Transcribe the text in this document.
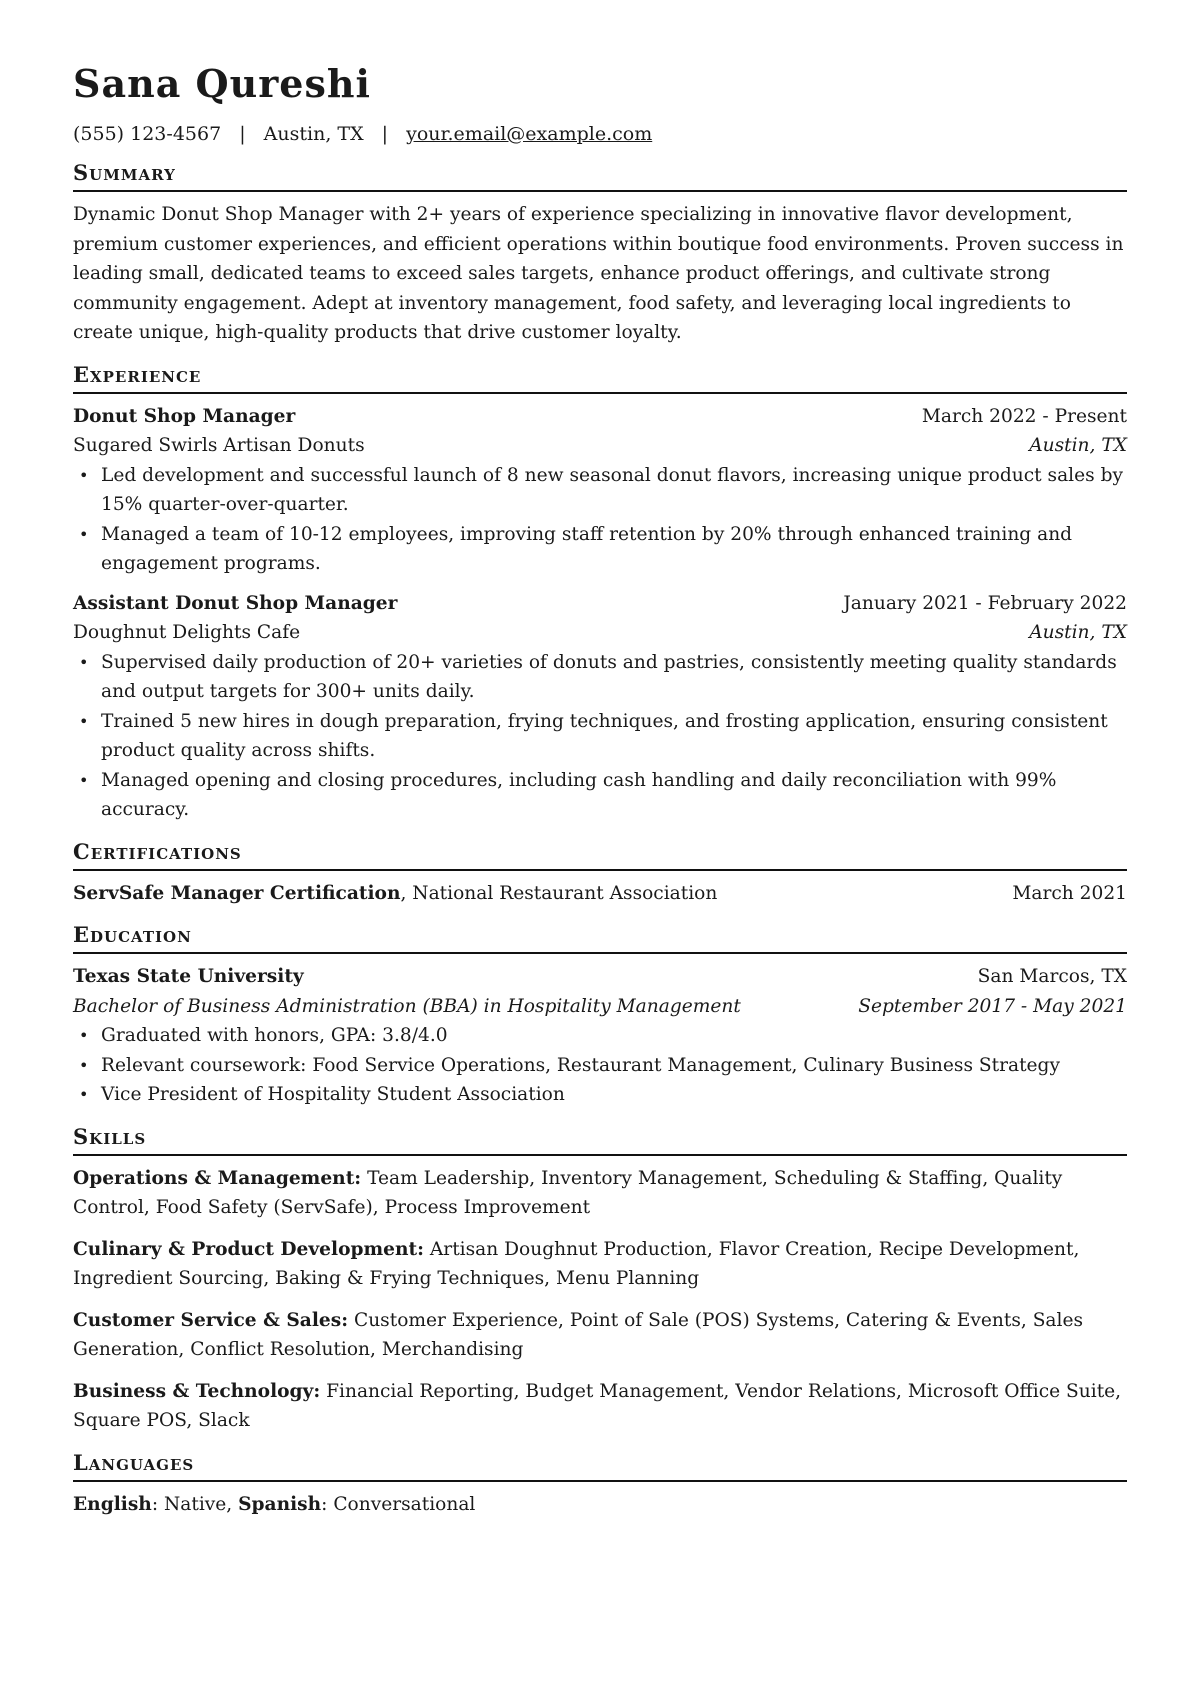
Sana Qureshi
(555) 123-4567 | Austin, TX | your.email@example.com
Summary
Dynamic Donut Shop Manager with 2+ years of experience specializing in innovative flavor development, premium customer experiences, and efficient operations within boutique food environments. Proven success in leading small, dedicated teams to exceed sales targets, enhance product offerings, and cultivate strong community engagement. Adept at inventory management, food safety, and leveraging local ingredients to create unique, high-quality products that drive customer loyalty.
Experience
Donut Shop Manager	March 2022 - Present
Sugared Swirls Artisan Donuts	Austin, TX
• Led development and successful launch of 8 new seasonal donut flavors, increasing unique product sales by 15% quarter-over-quarter.
• Managed a team of 10-12 employees, improving staff retention by 20% through enhanced training and engagement programs.
Assistant Donut Shop Manager	January 2021 - February 2022
Doughnut Delights Cafe	Austin, TX
• Supervised daily production of 20+ varieties of donuts and pastries, consistently meeting quality standards and output targets for 300+ units daily.
• Trained 5 new hires in dough preparation, frying techniques, and frosting application, ensuring consistent product quality across shifts.
• Managed opening and closing procedures, including cash handling and daily reconciliation with 99% accuracy.
Certifications
ServSafe Manager Certification, National Restaurant Association	March 2021
Education
Texas State University	San Marcos, TX
Bachelor of Business Administration (BBA) in Hospitality Management	September 2017 - May 2021
• Graduated with honors, GPA: 3.8/4.0
• Relevant coursework: Food Service Operations, Restaurant Management, Culinary Business Strategy
• Vice President of Hospitality Student Association
Skills
Operations & Management: Team Leadership, Inventory Management, Scheduling & Staffing, Quality Control, Food Safety (ServSafe), Process Improvement
Culinary & Product Development: Artisan Doughnut Production, Flavor Creation, Recipe Development, Ingredient Sourcing, Baking & Frying Techniques, Menu Planning
Customer Service & Sales: Customer Experience, Point of Sale (POS) Systems, Catering & Events, Sales Generation, Conflict Resolution, Merchandising
Business & Technology: Financial Reporting, Budget Management, Vendor Relations, Microsoft Office Suite, Square POS, Slack
Languages
English: Native, Spanish: Conversational
